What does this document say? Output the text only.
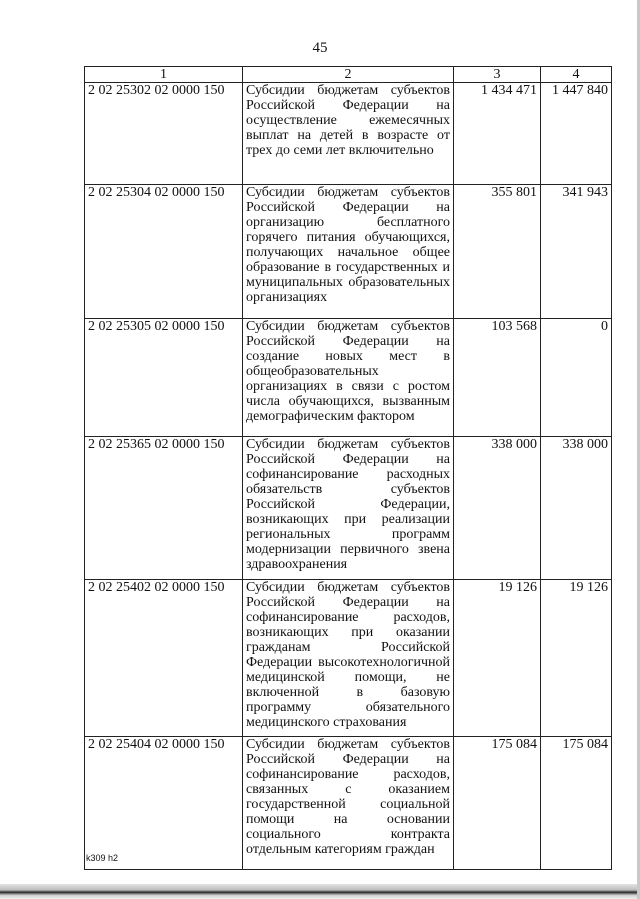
45
1	2	3	4
2 02 25302 02 0000 150	Субсидии бюджетам субъектов Российской Федерации на осуществление ежемесячных выплат на детей в возрасте от трех до семи лет включительно	1 434 471	1 447 840

2 02 25304 02 0000 150	Субсидии бюджетам субъектов Российской Федерации на организацию бесплатного горячего питания обучающихся, получающих начальное общее образование в государственных и муниципальных образовательных организациях	355 801	341 943

2 02 25305 02 0000 150	Субсидии бюджетам субъектов Российской Федерации на создание новых мест в общеобразовательных организациях в связи с ростом числа обучающихся, вызванным демографическим фактором	103 568	0

2 02 25365 02 0000 150	Субсидии бюджетам субъектов Российской Федерации на софинансирование расходных обязательств субъектов Российской Федерации, возникающих при реализации региональных программ модернизации первичного звена здравоохранения	338 000	338 000

2 02 25402 02 0000 150	Субсидии бюджетам субъектов Российской Федерации на софинансирование расходов, возникающих при оказании гражданам Российской Федерации высокотехнологичной медицинской помощи, не включенной в базовую программу обязательного медицинского страхования	19 126	19 126

2 02 25404 02 0000 150	Субсидии бюджетам субъектов Российской Федерации на софинансирование расходов, связанных с оказанием государственной социальной помощи на основании социального контракта отдельным категориям граждан	175 084	175 084
k309 h2
